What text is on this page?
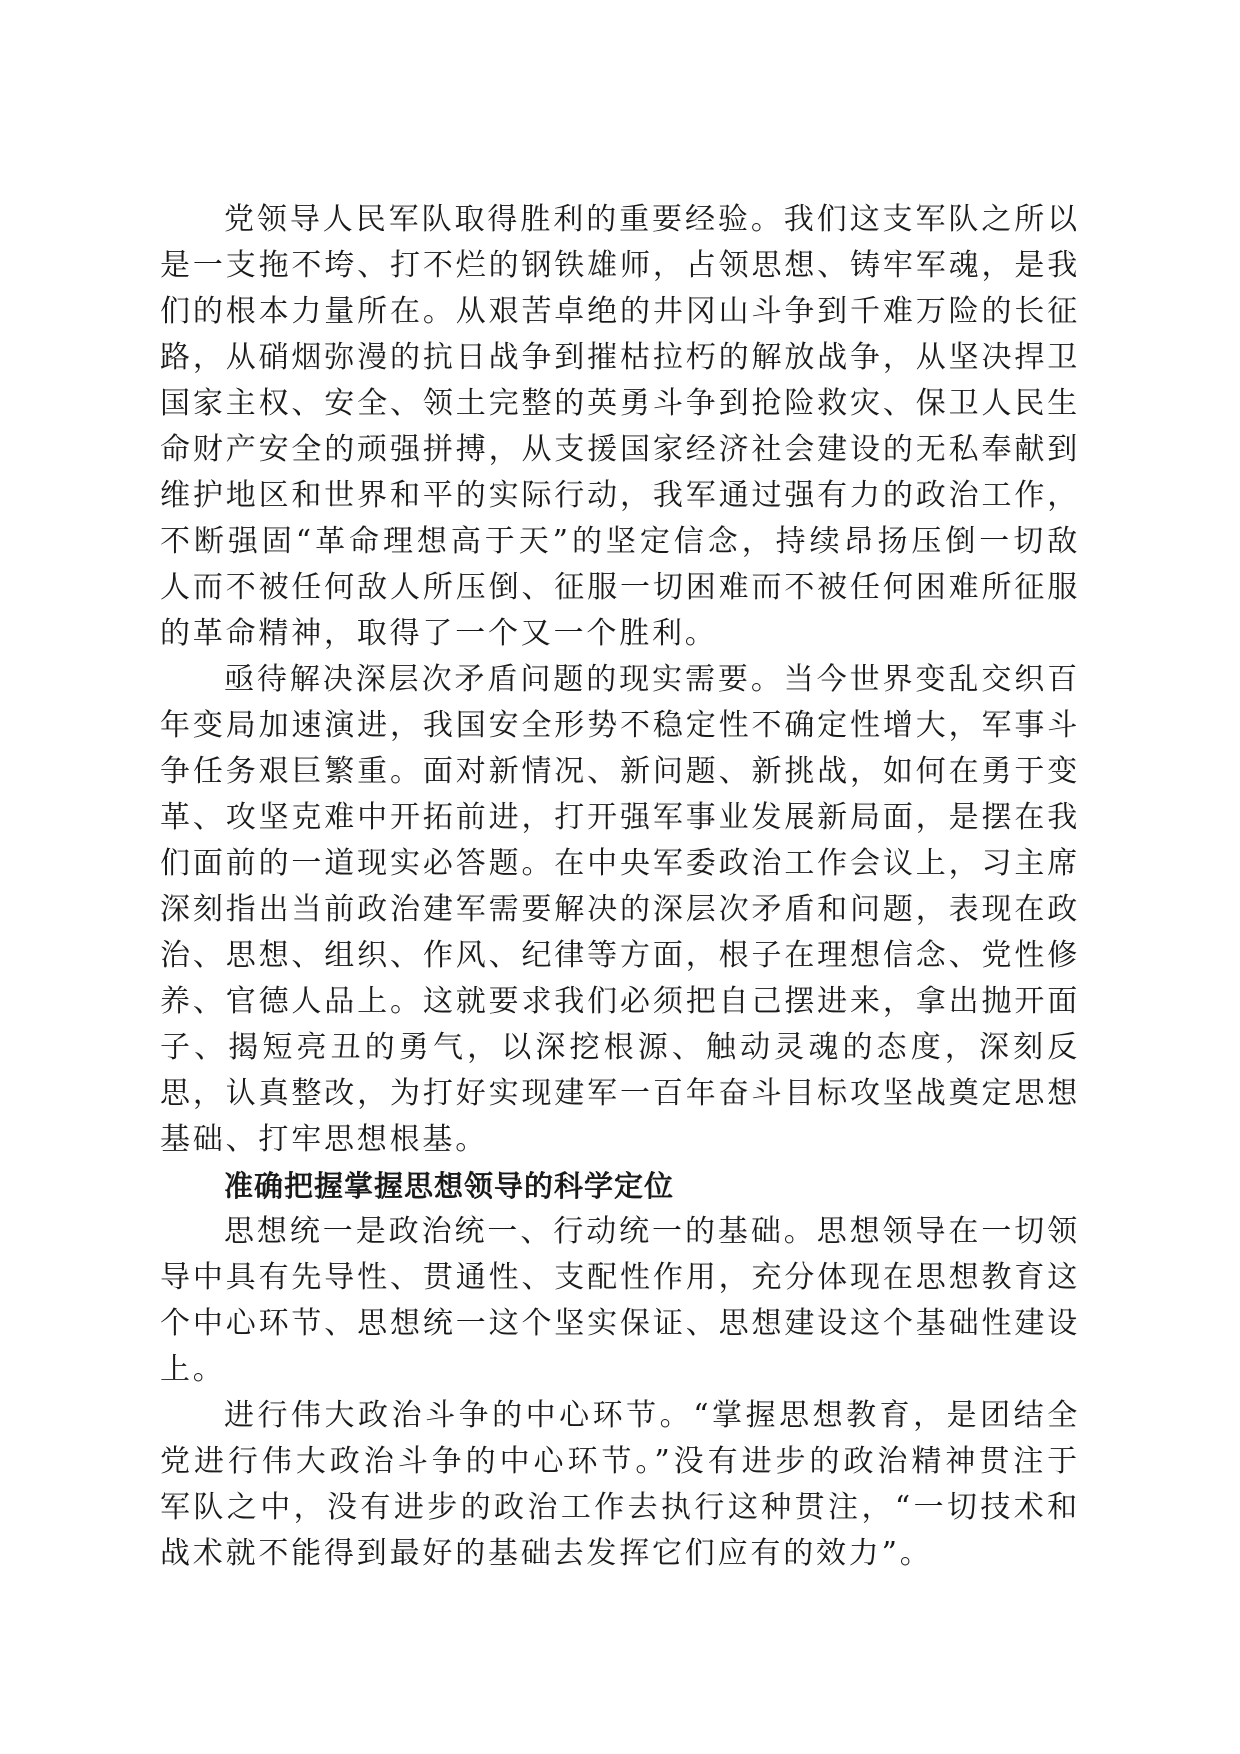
党领导人民军队取得胜利的重要经验。我们这支军队之所以是一支拖不垮、打不烂的钢铁雄师，占领思想、铸牢军魂，是我们的根本力量所在。从艰苦卓绝的井冈山斗争到千难万险的长征路，从硝烟弥漫的抗日战争到摧枯拉朽的解放战争，从坚决捍卫国家主权、安全、领土完整的英勇斗争到抢险救灾、保卫人民生命财产安全的顽强拼搏，从支援国家经济社会建设的无私奉献到维护地区和世界和平的实际行动，我军通过强有力的政治工作，不断强固“革命理想高于天”的坚定信念，持续昂扬压倒一切敌人而不被任何敌人所压倒、征服一切困难而不被任何困难所征服的革命精神，取得了一个又一个胜利。

亟待解决深层次矛盾问题的现实需要。当今世界变乱交织百年变局加速演进，我国安全形势不稳定性不确定性增大，军事斗争任务艰巨繁重。面对新情况、新问题、新挑战，如何在勇于变革、攻坚克难中开拓前进，打开强军事业发展新局面，是摆在我们面前的一道现实必答题。在中央军委政治工作会议上，习主席深刻指出当前政治建军需要解决的深层次矛盾和问题，表现在政治、思想、组织、作风、纪律等方面，根子在理想信念、党性修养、官德人品上。这就要求我们必须把自己摆进来，拿出抛开面子、揭短亮丑的勇气，以深挖根源、触动灵魂的态度，深刻反思，认真整改，为打好实现建军一百年奋斗目标攻坚战奠定思想基础、打牢思想根基。

准确把握掌握思想领导的科学定位

思想统一是政治统一、行动统一的基础。思想领导在一切领导中具有先导性、贯通性、支配性作用，充分体现在思想教育这个中心环节、思想统一这个坚实保证、思想建设这个基础性建设上。

进行伟大政治斗争的中心环节。“掌握思想教育，是团结全党进行伟大政治斗争的中心环节。”没有进步的政治精神贯注于军队之中，没有进步的政治工作去执行这种贯注，“一切技术和战术就不能得到最好的基础去发挥它们应有的效力”。
